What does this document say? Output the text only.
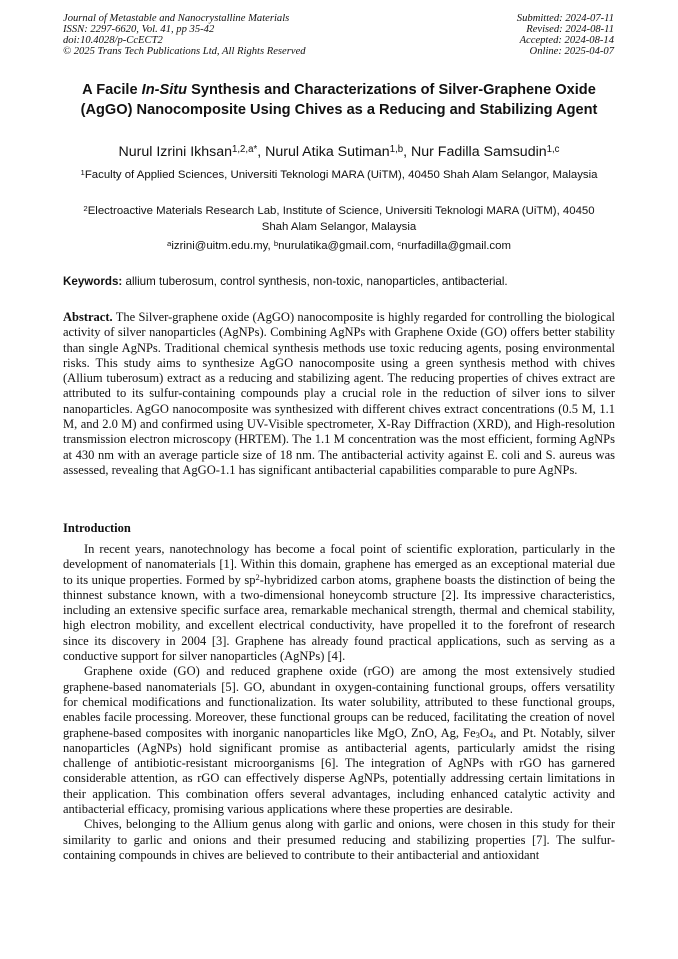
Journal of Metastable and Nanocrystalline Materials
ISSN: 2297-6620, Vol. 41, pp 35-42
doi:10.4028/p-CcECT2
© 2025 Trans Tech Publications Ltd, All Rights Reserved
Submitted: 2024-07-11
Revised: 2024-08-11
Accepted: 2024-08-14
Online: 2025-04-07
A Facile In-Situ Synthesis and Characterizations of Silver-Graphene Oxide (AgGO) Nanocomposite Using Chives as a Reducing and Stabilizing Agent
Nurul Izrini Ikhsan$^{1,2,a*}$, Nurul Atika Sutiman$^{1,b}$, Nur Fadilla Samsudin$^{1,c}$
$^1$Faculty of Applied Sciences, Universiti Teknologi MARA (UiTM), 40450 Shah Alam Selangor, Malaysia
$^2$Electroactive Materials Research Lab, Institute of Science, Universiti Teknologi MARA (UiTM), 40450 Shah Alam Selangor, Malaysia
$^a$izrini@uitm.edu.my, $^b$nurulatika@gmail.com, $^c$nurfadilla@gmail.com
Keywords: allium tuberosum, control synthesis, non-toxic, nanoparticles, antibacterial.
Abstract. The Silver-graphene oxide (AgGO) nanocomposite is highly regarded for controlling the biological activity of silver nanoparticles (AgNPs). Combining AgNPs with Graphene Oxide (GO) offers better stability than single AgNPs. Traditional chemical synthesis methods use toxic reducing agents, posing environmental risks. This study aims to synthesize AgGO nanocomposite using a green synthesis method with chives (Allium tuberosum) extract as a reducing and stabilizing agent. The reducing properties of chives extract are attributed to its sulfur-containing compounds play a crucial role in the reduction of silver ions to silver nanoparticles. AgGO nanocomposite was synthesized with different chives extract concentrations (0.5 M, 1.1 M, and 2.0 M) and confirmed using UV-Visible spectrometer, X-Ray Diffraction (XRD), and High-resolution transmission electron microscopy (HRTEM). The 1.1 M concentration was the most efficient, forming AgNPs at 430 nm with an average particle size of 18 nm. The antibacterial activity against E. coli and S. aureus was assessed, revealing that AgGO-1.1 has significant antibacterial capabilities comparable to pure AgNPs.
Introduction

In recent years, nanotechnology has become a focal point of scientific exploration, particularly in the development of nanomaterials [1]. Within this domain, graphene has emerged as an exceptional material due to its unique properties. Formed by $sp^2$-hybridized carbon atoms, graphene boasts the distinction of being the thinnest substance known, with a two-dimensional honeycomb structure [2]. Its impressive characteristics, including an extensive specific surface area, remarkable mechanical strength, thermal and chemical stability, high electron mobility, and excellent electrical conductivity, have propelled it to the forefront of research since its discovery in 2004 [3]. Graphene has already found practical applications, such as serving as a conductive support for silver nanoparticles (AgNPs) [4].

Graphene oxide (GO) and reduced graphene oxide (rGO) are among the most extensively studied graphene-based nanomaterials [5]. GO, abundant in oxygen-containing functional groups, offers versatility for chemical modifications and functionalization. Its water solubility, attributed to these functional groups, enables facile processing. Moreover, these functional groups can be reduced, facilitating the creation of novel graphene-based composites with inorganic nanoparticles like MgO, ZnO, Ag, $Fe_3O_4$, and Pt. Notably, silver nanoparticles (AgNPs) hold significant promise as antibacterial agents, particularly amidst the rising challenge of antibiotic-resistant microorganisms [6]. The integration of AgNPs with rGO has garnered considerable attention, as rGO can effectively disperse AgNPs, potentially addressing certain limitations in their application. This combination offers several advantages, including enhanced catalytic activity and antibacterial efficacy, promising various applications where these properties are desirable.

Chives, belonging to the Allium genus along with garlic and onions, were chosen in this study for their similarity to garlic and onions and their presumed reducing and stabilizing properties [7]. The sulfur-containing compounds in chives are believed to contribute to their antibacterial and antioxidant
